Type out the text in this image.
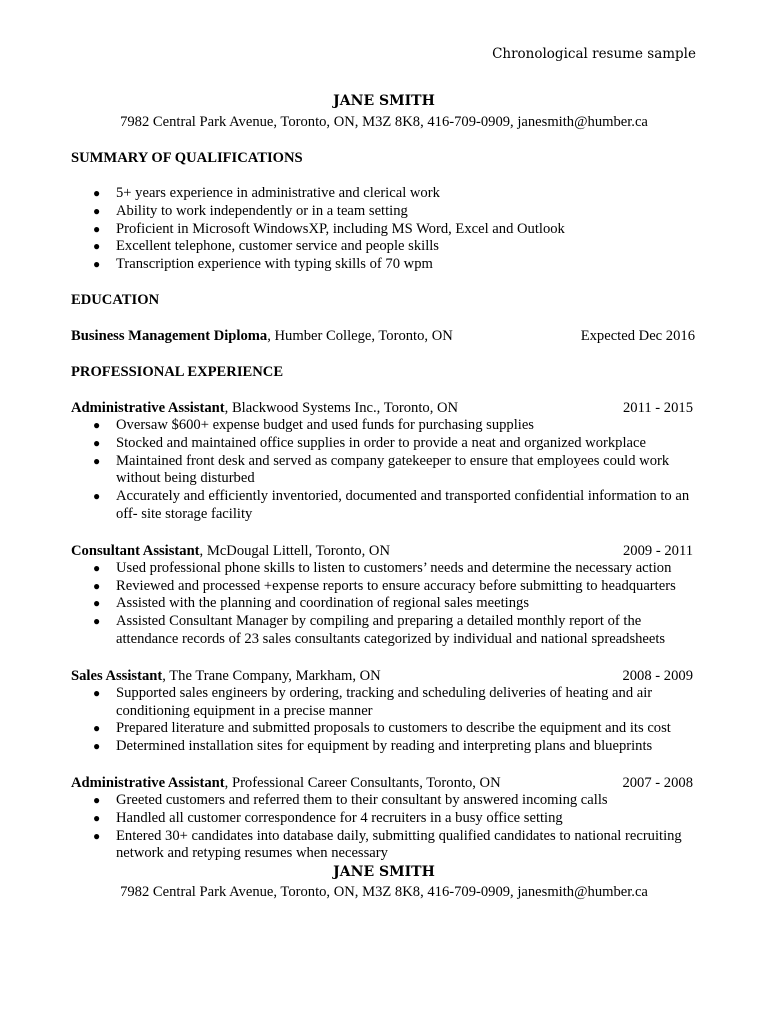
Chronological resume sample
JANE SMITH
7982 Central Park Avenue, Toronto, ON, M3Z 8K8, 416-709-0909, janesmith@humber.ca

SUMMARY OF QUALIFICATIONS

● 5+ years experience in administrative and clerical work
● Ability to work independently or in a team setting
● Proficient in Microsoft WindowsXP, including MS Word, Excel and Outlook
● Excellent telephone, customer service and people skills
● Transcription experience with typing skills of 70 wpm

EDUCATION

Business Management Diploma, Humber College, Toronto, ON	Expected Dec 2016

PROFESSIONAL EXPERIENCE

Administrative Assistant, Blackwood Systems Inc., Toronto, ON	2011 - 2015

● Oversaw $600+ expense budget and used funds for purchasing supplies
● Stocked and maintained office supplies in order to provide a neat and organized workplace
● Maintained front desk and served as company gatekeeper to ensure that employees could work without being disturbed
● Accurately and efficiently inventoried, documented and transported confidential information to an off- site storage facility

Consultant Assistant, McDougal Littell, Toronto, ON	2009 - 2011

● Used professional phone skills to listen to customers’ needs and determine the necessary action
● Reviewed and processed +expense reports to ensure accuracy before submitting to headquarters
● Assisted with the planning and coordination of regional sales meetings
● Assisted Consultant Manager by compiling and preparing a detailed monthly report of the attendance records of 23 sales consultants categorized by individual and national spreadsheets

Sales Assistant, The Trane Company, Markham, ON	2008 - 2009

● Supported sales engineers by ordering, tracking and scheduling deliveries of heating and air conditioning equipment in a precise manner
● Prepared literature and submitted proposals to customers to describe the equipment and its cost
● Determined installation sites for equipment by reading and interpreting plans and blueprints

Administrative Assistant, Professional Career Consultants, Toronto, ON	2007 - 2008

● Greeted customers and referred them to their consultant by answered incoming calls
● Handled all customer correspondence for 4 recruiters in a busy office setting
● Entered 30+ candidates into database daily, submitting qualified candidates to national recruiting network and retyping resumes when necessary
JANE SMITH
7982 Central Park Avenue, Toronto, ON, M3Z 8K8, 416-709-0909, janesmith@humber.ca
